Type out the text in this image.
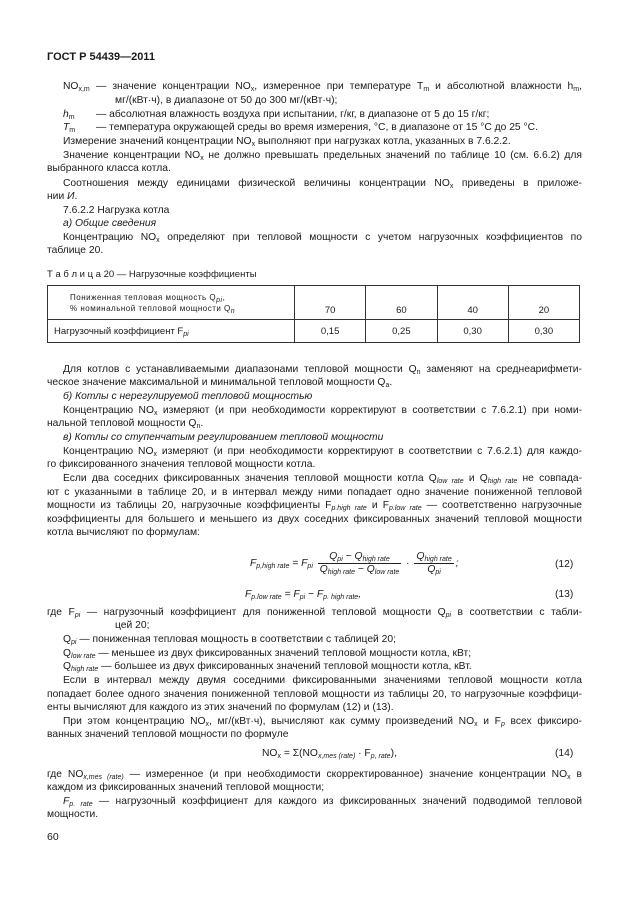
ГОСТ Р 54439—2011
$NO_{x,m}$ — значение концентрации $NO_x$, измеренное при температуре $T_m$ и абсолютной влажности $h_m$,
мг/(кВт·ч), в диапазоне от 50 до 300 мг/(кВт·ч);
$h_m$ — абсолютная влажность воздуха при испытании, г/кг, в диапазоне от 5 до 15 г/кг;
$T_m$ — температура окружающей среды во время измерения, °С, в диапазоне от 15 °С до 25 °С.
Измерение значений концентрации $NO_x$ выполняют при нагрузках котла, указанных в 7.6.2.2.
Значение концентрации $NO_x$ не должно превышать предельных значений по таблице 10 (см. 6.6.2) для
выбранного класса котла.
Соотношения между единицами физической величины концентрации $NO_x$ приведены в приложе-
нии И.
7.6.2.2 Нагрузка котла
а) Общие сведения
Концентрацию $NO_x$ определяют при тепловой мощности с учетом нагрузочных коэффициентов по
таблице 20.
Т а б л и ц а 20 — Нагрузочные коэффициенты
Пониженная тепловая мощность $Q_{pi}$,
% номинальной тепловой мощности $Q_n$	70	60	40	20
Нагрузочный коэффициент $F_{pi}$	0,15	0,25	0,30	0,30
Для котлов с устанавливаемыми диапазонами тепловой мощности $Q_n$ заменяют на среднеарифмети-
ческое значение максимальной и минимальной тепловой мощности $Q_a$.
б) Котлы с нерегулируемой тепловой мощностью
Концентрацию $NO_x$ измеряют (и при необходимости корректируют в соответствии с 7.6.2.1) при номи-
нальной тепловой мощности $Q_n$.
в) Котлы со ступенчатым регулированием тепловой мощности
Концентрацию $NO_x$ измеряют (и при необходимости корректируют в соответствии с 7.6.2.1) для каждо-
го фиксированного значения тепловой мощности котла.
Если два соседних фиксированных значения тепловой мощности котла $Q_{low rate}$ и $Q_{high rate}$ не совпада-
ют с указанными в таблице 20, и в интервал между ними попадает одно значение пониженной тепловой
мощности из таблицы 20, нагрузочные коэффициенты $F_{p.high rate}$ и $F_{p.low rate}$ — соответственно нагрузочные
коэффициенты для большего и меньшего из двух соседних фиксированных значений тепловой мощности
котла вычисляют по формулам:
$F_{p,high rate} = F_{pi} \frac{Q_{pi} - Q_{high rate}}{Q_{high rate} - Q_{low rate}} \cdot \frac{Q_{high rate}}{Q_{pi}}$ ;	(12)
$F_{p.low rate} = F_{pi} - F_{p. high rate}$,	(13)
где $F_{pi}$ — нагрузочный коэффициент для пониженной тепловой мощности $Q_{pi}$ в соответствии с табли-
цей 20;
$Q_{pi}$ — пониженная тепловая мощность в соответствии с таблицей 20;
$Q_{low rate}$ — меньшее из двух фиксированных значений тепловой мощности котла, кВт;
$Q_{high rate}$ — большее из двух фиксированных значений тепловой мощности котла, кВт.
Если в интервал между двумя соседними фиксированными значениями тепловой мощности котла
попадает более одного значения пониженной тепловой мощности из таблицы 20, то нагрузочные коэффици-
енты вычисляют для каждого из этих значений по формулам (12) и (13).
При этом концентрацию $NO_x$, мг/(кВт·ч), вычисляют как сумму произведений $NO_x$ и $F_p$ всех фиксиро-
ванных значений тепловой мощности по формуле
$NO_x = \Sigma(NO_{x,mes (rate)} \cdot F_{p, rate})$,	(14)
где $NO_{x,mes (rate)}$ — измеренное (и при необходимости скорректированное) значение концентрации $NO_x$ в
каждом из фиксированных значений тепловой мощности;
$F_{p. rate}$ — нагрузочный коэффициент для каждого из фиксированных значений подводимой тепловой
мощности.
60
